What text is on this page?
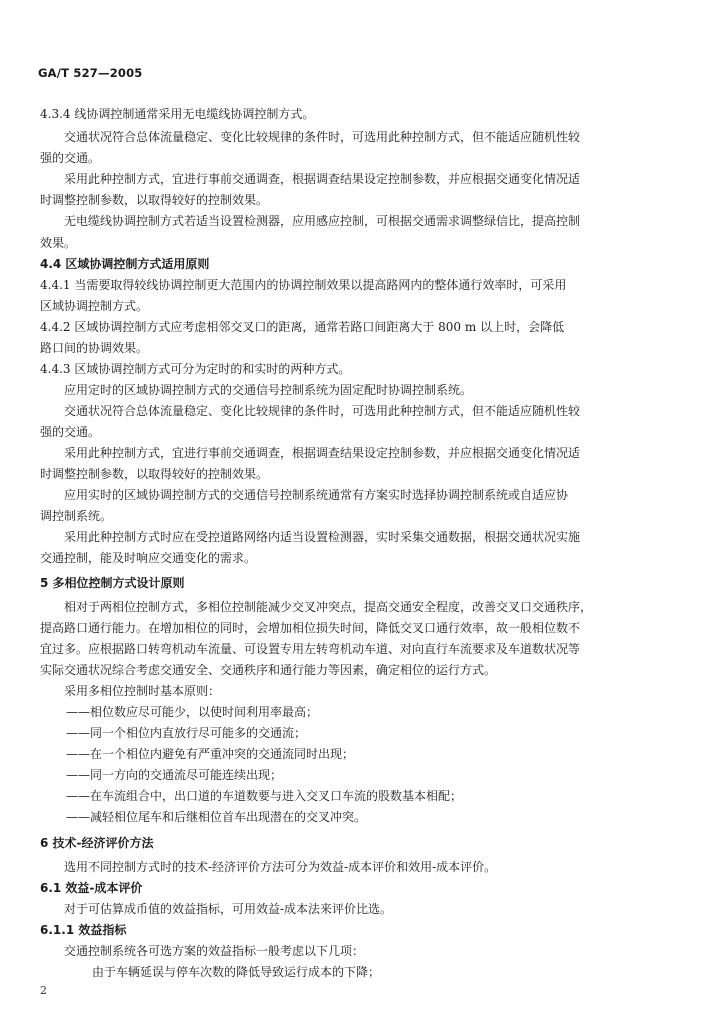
GA/T 527—2005
4.3.4 线协调控制通常采用无电缆线协调控制方式。
交通状况符合总体流量稳定、变化比较规律的条件时，可选用此种控制方式，但不能适应随机性较
强的交通。
采用此种控制方式，宜进行事前交通调查，根据调查结果设定控制参数，并应根据交通变化情况适
时调整控制参数，以取得较好的控制效果。
无电缆线协调控制方式若适当设置检测器，应用感应控制，可根据交通需求调整绿信比，提高控制
效果。
4.4 区域协调控制方式适用原则
4.4.1 当需要取得较线协调控制更大范围内的协调控制效果以提高路网内的整体通行效率时，可采用
区域协调控制方式。
4.4.2 区域协调控制方式应考虑相邻交叉口的距离，通常若路口间距离大于 800 m 以上时，会降低
路口间的协调效果。
4.4.3 区域协调控制方式可分为定时的和实时的两种方式。
应用定时的区域协调控制方式的交通信号控制系统为固定配时协调控制系统。
交通状况符合总体流量稳定、变化比较规律的条件时，可选用此种控制方式，但不能适应随机性较
强的交通。
采用此种控制方式，宜进行事前交通调查，根据调查结果设定控制参数，并应根据交通变化情况适
时调整控制参数，以取得较好的控制效果。
应用实时的区域协调控制方式的交通信号控制系统通常有方案实时选择协调控制系统或自适应协
调控制系统。
采用此种控制方式时应在受控道路网络内适当设置检测器，实时采集交通数据，根据交通状况实施
交通控制，能及时响应交通变化的需求。
5 多相位控制方式设计原则
相对于两相位控制方式，多相位控制能减少交叉冲突点，提高交通安全程度，改善交叉口交通秩序，
提高路口通行能力。在增加相位的同时，会增加相位损失时间，降低交叉口通行效率，故一般相位数不
宜过多。应根据路口转弯机动车流量、可设置专用左转弯机动车道、对向直行车流要求及车道数状况等
实际交通状况综合考虑交通安全、交通秩序和通行能力等因素，确定相位的运行方式。
采用多相位控制时基本原则：
——相位数应尽可能少，以使时间利用率最高；
——同一个相位内直放行尽可能多的交通流；
——在一个相位内避免有严重冲突的交通流同时出现；
——同一方向的交通流尽可能连续出现；
——在车流组合中，出口道的车道数要与进入交叉口车流的股数基本相配；
——减轻相位尾车和后继相位首车出现潜在的交叉冲突。
6 技术-经济评价方法
选用不同控制方式时的技术-经济评价方法可分为效益-成本评价和效用-成本评价。
6.1 效益-成本评价
对于可估算成币值的效益指标，可用效益-成本法来评价比选。
6.1.1 效益指标
交通控制系统各可选方案的效益指标一般考虑以下几项：
由于车辆延误与停车次数的降低导致运行成本的下降；
2
